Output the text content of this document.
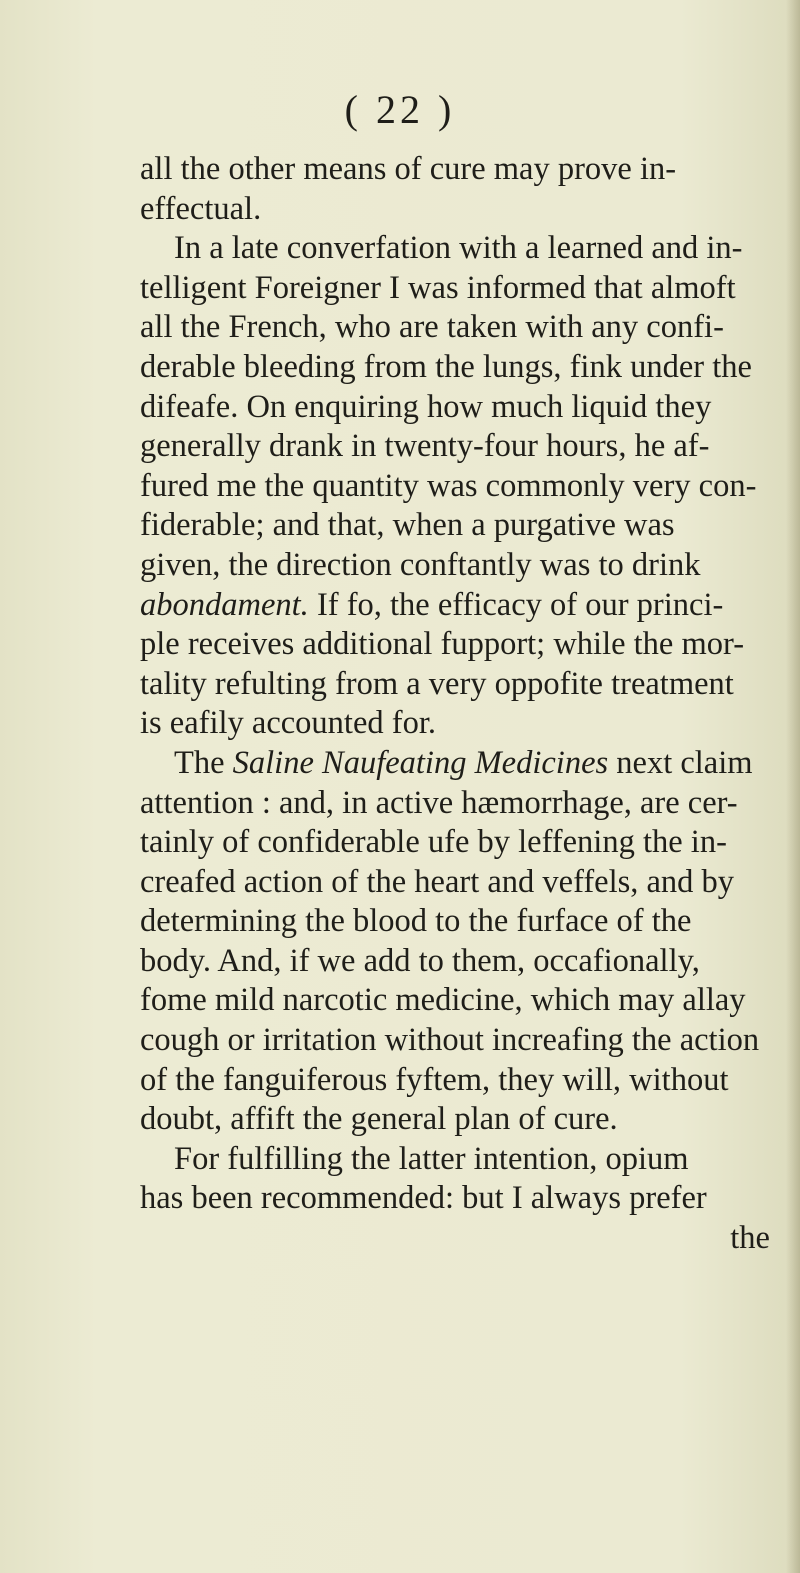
( 22 )
all the other means of cure may prove in-
effectual.
In a late converfation with a learned and in-
telligent Foreigner I was informed that almoft
all the French, who are taken with any confi-
derable bleeding from the lungs, fink under the
difeafe. On enquiring how much liquid they
generally drank in twenty-four hours, he af-
fured me the quantity was commonly very con-
fiderable; and that, when a purgative was
given, the direction conftantly was to drink
abondament. If fo, the efficacy of our princi-
ple receives additional fupport; while the mor-
tality refulting from a very oppofite treatment
is eafily accounted for.
The Saline Naufeating Medicines next claim
attention : and, in active hæmorrhage, are cer-
tainly of confiderable ufe by leffening the in-
creafed action of the heart and veffels, and by
determining the blood to the furface of the
body. And, if we add to them, occafionally,
fome mild narcotic medicine, which may allay
cough or irritation without increafing the action
of the fanguiferous fyftem, they will, without
doubt, affift the general plan of cure.
For fulfilling the latter intention, opium
has been recommended: but I always prefer
the
